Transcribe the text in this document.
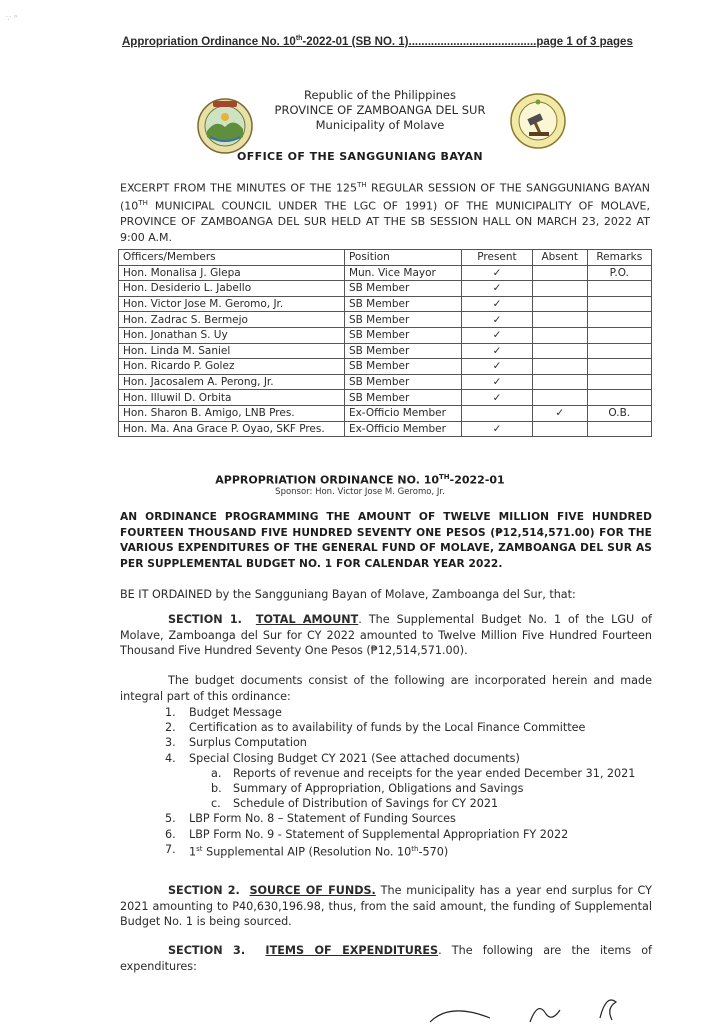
∵ °
Appropriation Ordinance No. 10th-2022-01 (SB NO. 1)........................................page 1 of 3 pages
Republic of the Philippines
PROVINCE OF ZAMBOANGA DEL SUR
Municipality of Molave
OFFICE OF THE SANGGUNIANG BAYAN
EXCERPT FROM THE MINUTES OF THE 125TH REGULAR SESSION OF THE SANGGUNIANG BAYAN (10TH MUNICIPAL COUNCIL UNDER THE LGC OF 1991) OF THE MUNICIPALITY OF MOLAVE, PROVINCE OF ZAMBOANGA DEL SUR HELD AT THE SB SESSION HALL ON MARCH 23, 2022 AT 9:00 A.M.
Officers/Members	Position	Present	Absent	Remarks
Hon. Monalisa J. Glepa	Mun. Vice Mayor	✓		P.O.
Hon. Desiderio L. Jabello	SB Member	✓		
Hon. Victor Jose M. Geromo, Jr.	SB Member	✓		
Hon. Zadrac S. Bermejo	SB Member	✓		
Hon. Jonathan S. Uy	SB Member	✓		
Hon. Linda M. Saniel	SB Member	✓		
Hon. Ricardo P. Golez	SB Member	✓		
Hon. Jacosalem A. Perong, Jr.	SB Member	✓		
Hon. Illuwil D. Orbita	SB Member	✓		
Hon. Sharon B. Amigo, LNB Pres.	Ex-Officio Member		✓	O.B.
Hon. Ma. Ana Grace P. Oyao, SKF Pres.	Ex-Officio Member	✓		
APPROPRIATION ORDINANCE NO. 10TH-2022-01
Sponsor: Hon. Victor Jose M. Geromo, Jr.
AN ORDINANCE PROGRAMMING THE AMOUNT OF TWELVE MILLION FIVE HUNDRED FOURTEEN THOUSAND FIVE HUNDRED SEVENTY ONE PESOS (₱12,514,571.00) FOR THE VARIOUS EXPENDITURES OF THE GENERAL FUND OF MOLAVE, ZAMBOANGA DEL SUR AS PER SUPPLEMENTAL BUDGET NO. 1 FOR CALENDAR YEAR 2022.
BE IT ORDAINED by the Sangguniang Bayan of Molave, Zamboanga del Sur, that:
SECTION 1. TOTAL AMOUNT. The Supplemental Budget No. 1 of the LGU of Molave, Zamboanga del Sur for CY 2022 amounted to Twelve Million Five Hundred Fourteen Thousand Five Hundred Seventy One Pesos (₱12,514,571.00).
The budget documents consist of the following are incorporated herein and made integral part of this ordinance:
1. Budget Message
2. Certification as to availability of funds by the Local Finance Committee
3. Surplus Computation
4. Special Closing Budget CY 2021 (See attached documents)
a. Reports of revenue and receipts for the year ended December 31, 2021
b. Summary of Appropriation, Obligations and Savings
c. Schedule of Distribution of Savings for CY 2021
5. LBP Form No. 8 – Statement of Funding Sources
6. LBP Form No. 9 - Statement of Supplemental Appropriation FY 2022
7. 1st Supplemental AIP (Resolution No. 10th-570)
SECTION 2. SOURCE OF FUNDS. The municipality has a year end surplus for CY 2021 amounting to P40,630,196.98, thus, from the said amount, the funding of Supplemental Budget No. 1 is being sourced.
SECTION 3. ITEMS OF EXPENDITURES. The following are the items of expenditures:
